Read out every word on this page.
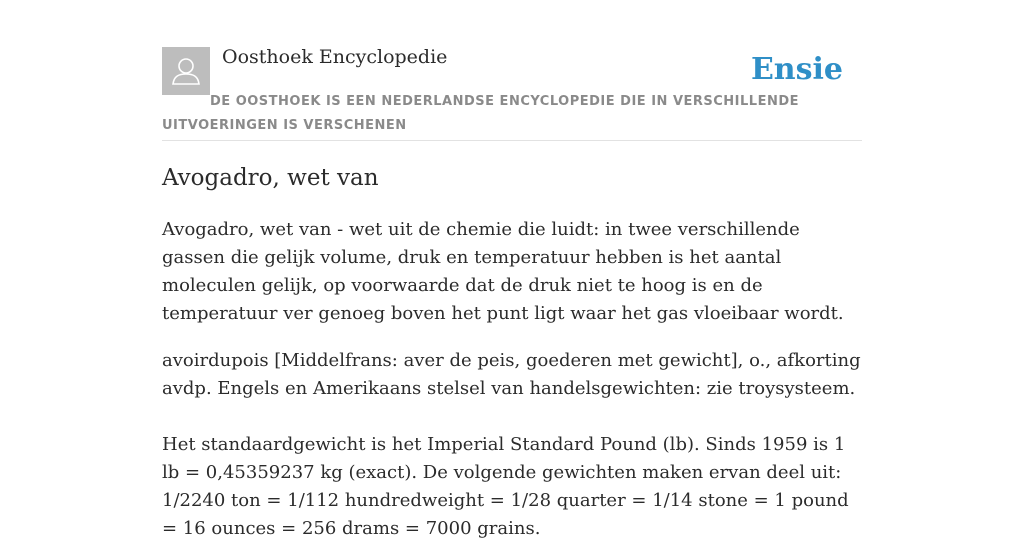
Oosthoek Encyclopedie	Ensie
DE OOSTHOEK IS EEN NEDERLANDSE ENCYCLOPEDIE DIE IN VERSCHILLENDE UITVOERINGEN IS VERSCHENEN
Avogadro, wet van

Avogadro, wet van - wet uit de chemie die luidt: in twee verschillende gassen die gelijk volume, druk en temperatuur hebben is het aantal moleculen gelijk, op voorwaarde dat de druk niet te hoog is en de temperatuur ver genoeg boven het punt ligt waar het gas vloeibaar wordt.

avoirdupois [Middelfrans: aver de peis, goederen met gewicht], o., afkorting avdp. Engels en Amerikaans stelsel van handelsgewichten: zie troysysteem.

Het standaardgewicht is het Imperial Standard Pound (lb). Sinds 1959 is 1 lb = 0,45359237 kg (exact). De volgende gewichten maken ervan deel uit: 1/2240 ton = 1/112 hundredweight = 1/28 quarter = 1/14 stone = 1 pound = 16 ounces = 256 drams = 7000 grains.
